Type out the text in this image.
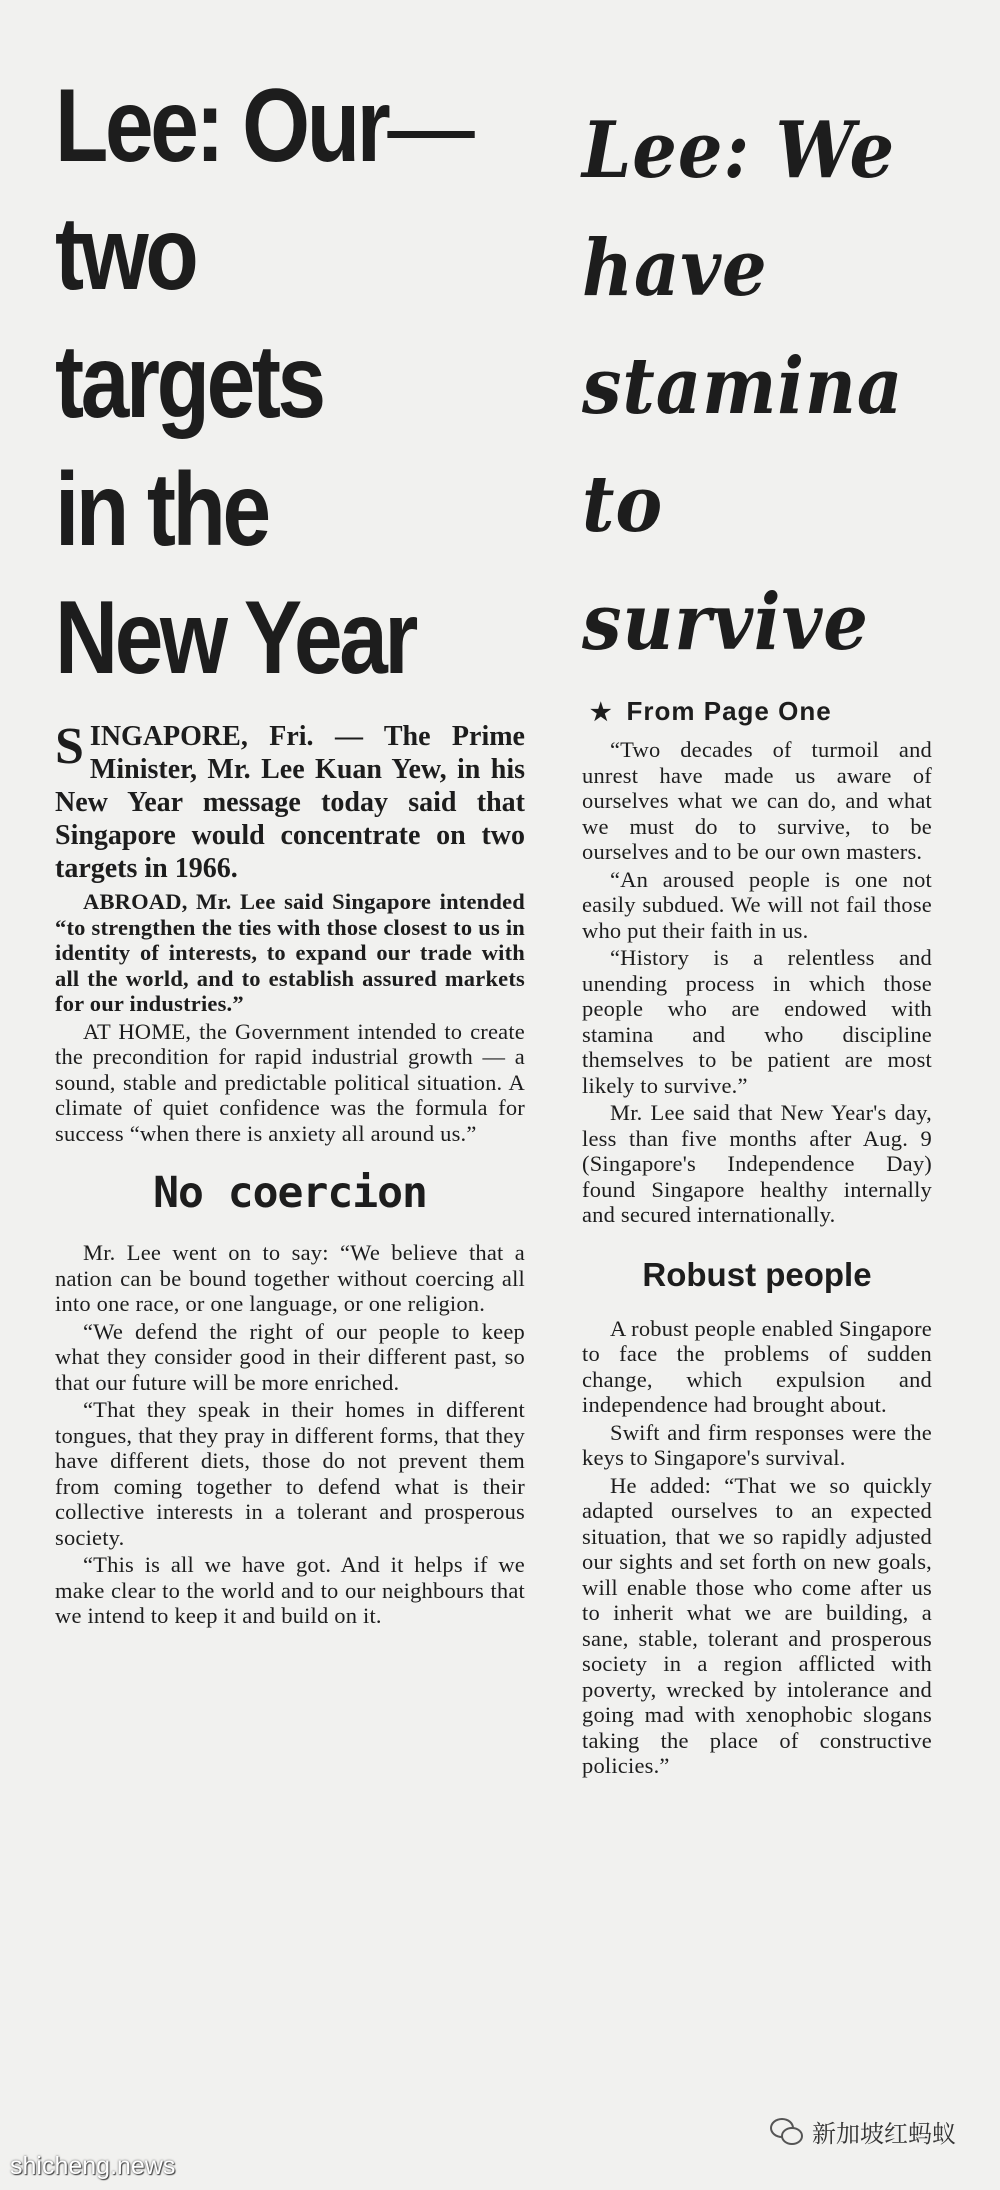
Lee: Our—
two
targets
in the
New Year

SINGAPORE, Fri. — The Prime Minister, Mr. Lee Kuan Yew, in his New Year message today said that Singapore would concentrate on two targets in 1966.

ABROAD, Mr. Lee said Singapore intended “to strengthen the ties with those closest to us in identity of interests, to expand our trade with all the world, and to establish assured markets for our industries.”

AT HOME, the Government intended to create the precondition for rapid industrial growth — a sound, stable and predictable political situation. A climate of quiet confidence was the formula for success “when there is anxiety all around us.”

No coercion

Mr. Lee went on to say: “We believe that a nation can be bound together without coercing all into one race, or one language, or one religion.

“We defend the right of our people to keep what they consider good in their different past, so that our future will be more enriched.

“That they speak in their homes in different tongues, that they pray in different forms, that they have different diets, those do not prevent them from coming together to defend what is their collective interests in a tolerant and prosperous society.

“This is all we have got. And it helps if we make clear to the world and to our neighbours that we intend to keep it and build on it.

Lee: We
have
stamina
to
survive
★ From Page One

“Two decades of turmoil and unrest have made us aware of ourselves what we can do, and what we must do to survive, to be ourselves and to be our own masters.

“An aroused people is one not easily subdued. We will not fail those who put their faith in us.

“History is a relentless and unending process in which those people who are endowed with stamina and who discipline themselves to be patient are most likely to survive.”

Mr. Lee said that New Year's day, less than five months after Aug. 9 (Singapore's Independence Day) found Singapore healthy internally and secured internationally.

Robust people

A robust people enabled Singapore to face the problems of sudden change, which expulsion and independence had brought about.

Swift and firm responses were the keys to Singapore's survival.

He added: “That we so quickly adapted ourselves to an expected situation, that we so rapidly adjusted our sights and set forth on new goals, will enable those who come after us to inherit what we are building, a sane, stable, tolerant and prosperous society in a region afflicted with poverty, wrecked by intolerance and going mad with xenophobic slogans taking the place of constructive policies.”

新加坡红蚂蚁
shicheng.news
